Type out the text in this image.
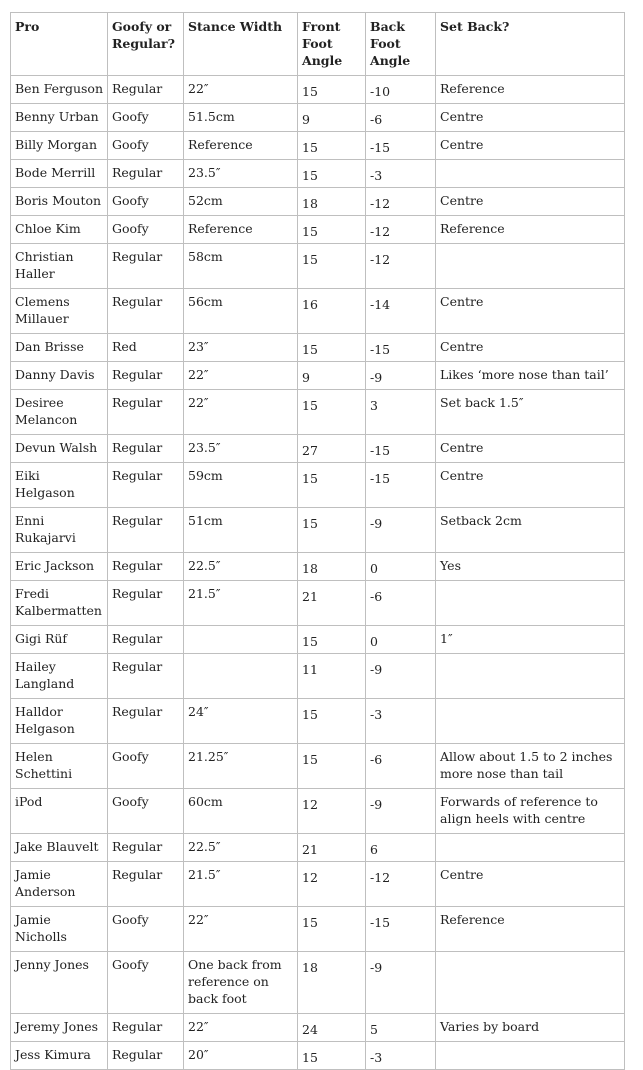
Pro	Goofy or Regular?	Stance Width	Front Foot Angle	Back Foot Angle	Set Back?
Ben Ferguson	Regular	22″	15	-10	Reference
Benny Urban	Goofy	51.5cm	9	-6	Centre
Billy Morgan	Goofy	Reference	15	-15	Centre
Bode Merrill	Regular	23.5″	15	-3	
Boris Mouton	Goofy	52cm	18	-12	Centre
Chloe Kim	Goofy	Reference	15	-12	Reference
Christian Haller	Regular	58cm	15	-12	
Clemens Millauer	Regular	56cm	16	-14	Centre
Dan Brisse	Red	23″	15	-15	Centre
Danny Davis	Regular	22″	9	-9	Likes ‘more nose than tail’
Desiree Melancon	Regular	22″	15	3	Set back 1.5″
Devun Walsh	Regular	23.5″	27	-15	Centre
Eiki Helgason	Regular	59cm	15	-15	Centre
Enni Rukajarvi	Regular	51cm	15	-9	Setback 2cm
Eric Jackson	Regular	22.5″	18	0	Yes
Fredi Kalbermatten	Regular	21.5″	21	-6	
Gigi Rüf	Regular		15	0	1″
Hailey Langland	Regular		11	-9	
Halldor Helgason	Regular	24″	15	-3	
Helen Schettini	Goofy	21.25″	15	-6	Allow about 1.5 to 2 inches more nose than tail
iPod	Goofy	60cm	12	-9	Forwards of reference to align heels with centre
Jake Blauvelt	Regular	22.5″	21	6	
Jamie Anderson	Regular	21.5″	12	-12	Centre
Jamie Nicholls	Goofy	22″	15	-15	Reference
Jenny Jones	Goofy	One back from reference on back foot	18	-9	
Jeremy Jones	Regular	22″	24	5	Varies by board
Jess Kimura	Regular	20″	15	-3	
